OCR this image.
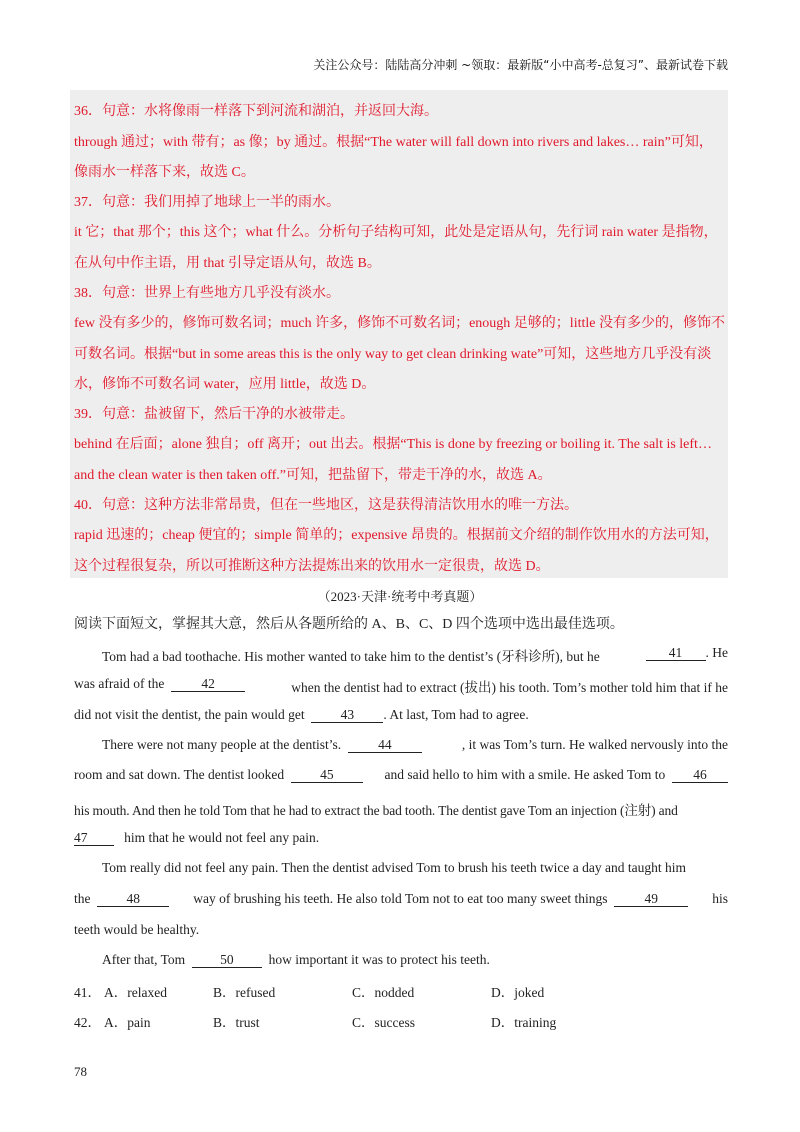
关注公众号：陆陆高分冲刺 ~领取：最新版“小中高考-总复习”、最新试卷下载
36．句意：水将像雨一样落下到河流和湖泊，并返回大海。
through 通过；with 带有；as 像；by 通过。根据“The water will fall down into rivers and lakes… rain”可知，
像雨水一样落下来，故选 C。
37．句意：我们用掉了地球上一半的雨水。
it 它；that 那个；this 这个；what 什么。分析句子结构可知，此处是定语从句，先行词 rain water 是指物，
在从句中作主语，用 that 引导定语从句，故选 B。
38．句意：世界上有些地方几乎没有淡水。
few 没有多少的，修饰可数名词；much 许多，修饰不可数名词；enough 足够的；little 没有多少的，修饰不
可数名词。根据“but in some areas this is the only way to get clean drinking wate”可知，这些地方几乎没有淡
水，修饰不可数名词 water，应用 little，故选 D。
39．句意：盐被留下，然后干净的水被带走。
behind 在后面；alone 独自；off 离开；out 出去。根据“This is done by freezing or boiling it. The salt is left…
and the clean water is then taken off.”可知，把盐留下，带走干净的水，故选 A。
40．句意：这种方法非常昂贵，但在一些地区，这是获得清洁饮用水的唯一方法。
rapid 迅速的；cheap 便宜的；simple 简单的；expensive 昂贵的。根据前文介绍的制作饮用水的方法可知，
这个过程很复杂，所以可推断这种方法提炼出来的饮用水一定很贵，故选 D。
（2023·天津·统考中考真题）
阅读下面短文，掌握其大意，然后从各题所给的 A、B、C、D 四个选项中选出最佳选项。
Tom had a bad toothache. His mother wanted to take him to the dentist’s (牙科诊所), but he	41 . He
was afraid of the	42	when the dentist had to extract (拔出) his tooth. Tom’s mother told him that if he
did not visit the dentist, the pain would get	43 . At last, Tom had to agree.
There were not many people at the dentist’s.	44	, it was Tom’s turn. He walked nervously into the
room and sat down. The dentist looked	45	and said hello to him with a smile. He asked Tom to 46
his mouth. And then he told Tom that he had to extract the bad tooth. The dentist gave Tom an injection (注射) and
47	him that he would not feel any pain.
Tom really did not feel any pain. Then the dentist advised Tom to brush his teeth twice a day and taught him
the	48	way of brushing his teeth. He also told Tom not to eat too many sweet things	49	his
teeth would be healthy.
After that, Tom	50	how important it was to protect his teeth.
41． A．relaxed	B．refused	C．nodded	D．joked
42． A．pain	B．trust	C．success	D．training
78
